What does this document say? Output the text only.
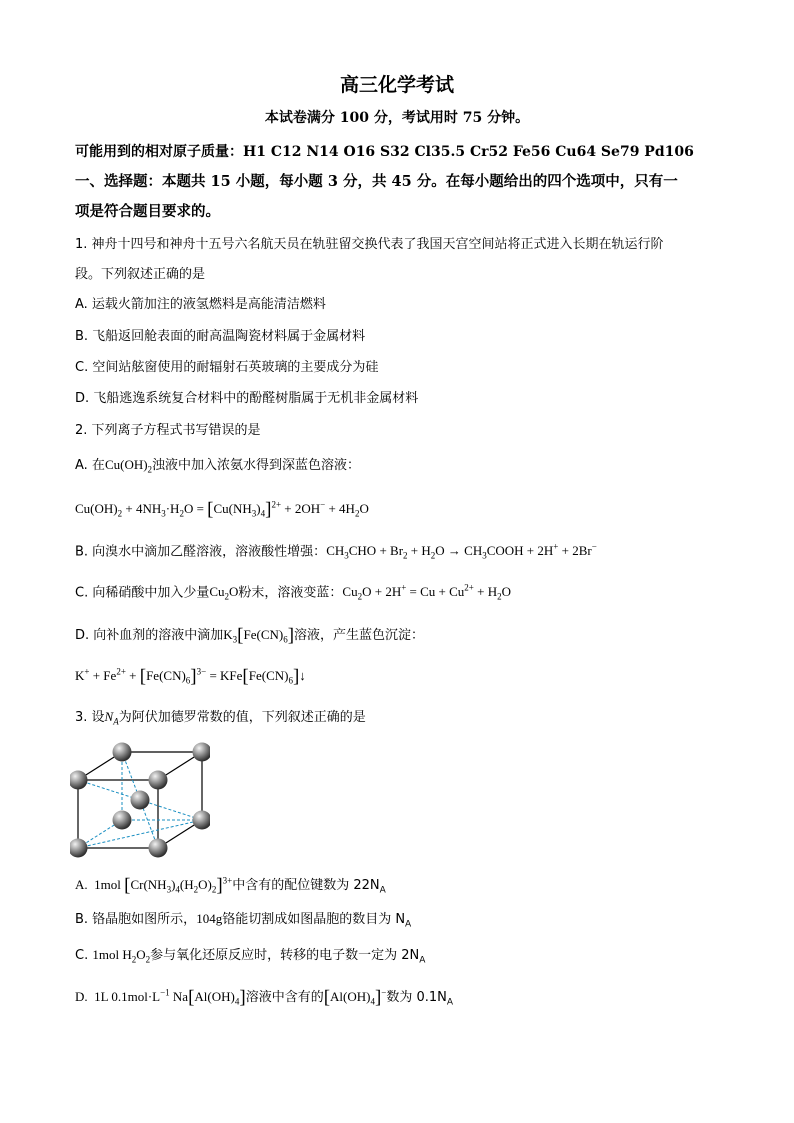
高三化学考试
本试卷满分 100 分，考试用时 75 分钟。
可能用到的相对原子质量：H1 C12 N14 O16 S32 Cl35.5 Cr52 Fe56 Cu64 Se79 Pd106
一、选择题：本题共 15 小题，每小题 3 分，共 45 分。在每小题给出的四个选项中，只有一
项是符合题目要求的。
1. 神舟十四号和神舟十五号六名航天员在轨驻留交换代表了我国天宫空间站将正式进入长期在轨运行阶
段。下列叙述正确的是
A. 运载火箭加注的液氢燃料是高能清洁燃料
B. 飞船返回舱表面的耐高温陶瓷材料属于金属材料
C. 空间站舷窗使用的耐辐射石英玻璃的主要成分为硅
D. 飞船逃逸系统复合材料中的酚醛树脂属于无机非金属材料
2. 下列离子方程式书写错误的是
A. 在$Cu(OH)_2$浊液中加入浓氨水得到深蓝色溶液：
$Cu(OH)_2 + 4NH_3\cdot H_2O = [Cu(NH_3)_4]^{2+} + 2OH^- + 4H_2O$
B. 向溴水中滴加乙醛溶液，溶液酸性增强：$CH_3CHO + Br_2 + H_2O$ → $CH_3COOH + 2H^+ + 2Br^-$
C. 向稀硝酸中加入少量$Cu_2O$粉末，溶液变蓝：$Cu_2O + 2H^+ = Cu + Cu^{2+} + H_2O$
D. 向补血剂的溶液中滴加$K_3[Fe(CN)_6]$溶液，产生蓝色沉淀：
$K^+ + Fe^{2+} + [Fe(CN)_6]^{3-}$ = $KFe[Fe(CN)_6]↓$
3. 设$N_A$为阿伏加德罗常数的值，下列叙述正确的是
A.  1mol $[Cr(NH_3)_4(H_2O)_2]^{3+}$中含有的配位键数为 $22N_A$
B. 铬晶胞如图所示，104g铬能切割成如图晶胞的数目为 $N_A$
C. 1mol $H_2O_2$参与氧化还原反应时，转移的电子数一定为 $2N_A$
D.  1L $0.1mol\cdot L^{-1}$ $Na[Al(OH)_4]$溶液中含有的$[Al(OH)_4]^-$数为 $0.1N_A$
